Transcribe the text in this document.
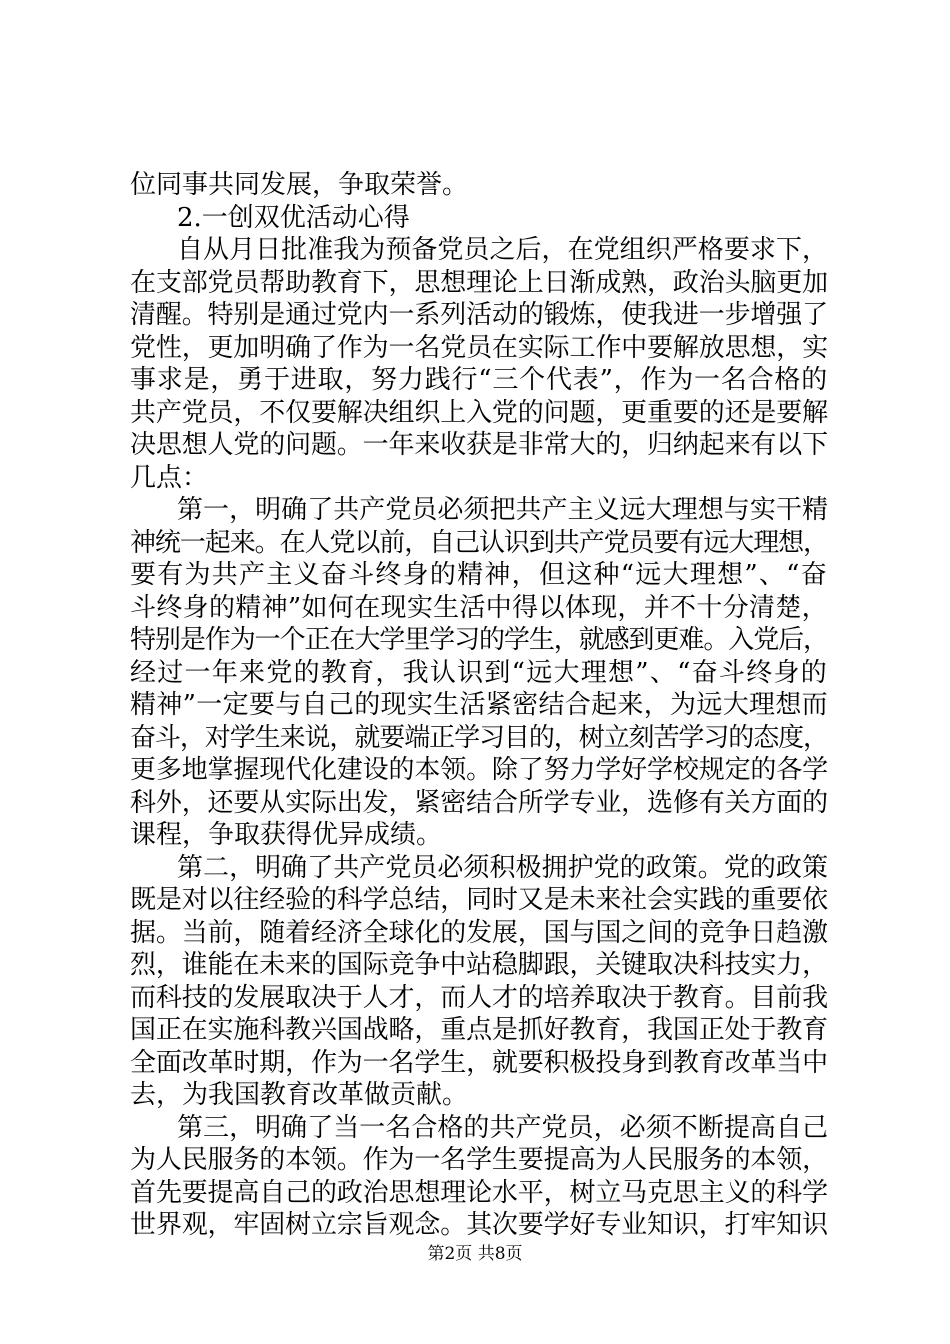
位同事共同发展，争取荣誉。
2.一创双优活动心得
自从月日批准我为预备党员之后，在党组织严格要求下，
在支部党员帮助教育下，思想理论上日渐成熟，政治头脑更加
清醒。特别是通过党内一系列活动的锻炼，使我进一步增强了
党性，更加明确了作为一名党员在实际工作中要解放思想，实
事求是，勇于进取，努力践行“三个代表”，作为一名合格的
共产党员，不仅要解决组织上入党的问题，更重要的还是要解
决思想人党的问题。一年来收获是非常大的，归纳起来有以下
几点：
第一，明确了共产党员必须把共产主义远大理想与实干精
神统一起来。在人党以前，自己认识到共产党员要有远大理想，
要有为共产主义奋斗终身的精神，但这种“远大理想”、“奋
斗终身的精神”如何在现实生活中得以体现，并不十分清楚，
特别是作为一个正在大学里学习的学生，就感到更难。入党后，
经过一年来党的教育，我认识到“远大理想”、“奋斗终身的
精神”一定要与自己的现实生活紧密结合起来，为远大理想而
奋斗，对学生来说，就要端正学习目的，树立刻苦学习的态度，
更多地掌握现代化建设的本领。除了努力学好学校规定的各学
科外，还要从实际出发，紧密结合所学专业，选修有关方面的
课程，争取获得优异成绩。
第二，明确了共产党员必须积极拥护党的政策。党的政策
既是对以往经验的科学总结，同时又是未来社会实践的重要依
据。当前，随着经济全球化的发展，国与国之间的竞争日趋激
烈，谁能在未来的国际竞争中站稳脚跟，关键取决科技实力，
而科技的发展取决于人才，而人才的培养取决于教育。目前我
国正在实施科教兴国战略，重点是抓好教育，我国正处于教育
全面改革时期，作为一名学生，就要积极投身到教育改革当中
去，为我国教育改革做贡献。
第三，明确了当一名合格的共产党员，必须不断提高自己
为人民服务的本领。作为一名学生要提高为人民服务的本领，
首先要提高自己的政治思想理论水平，树立马克思主义的科学
世界观，牢固树立宗旨观念。其次要学好专业知识，打牢知识
第2页 共8页
